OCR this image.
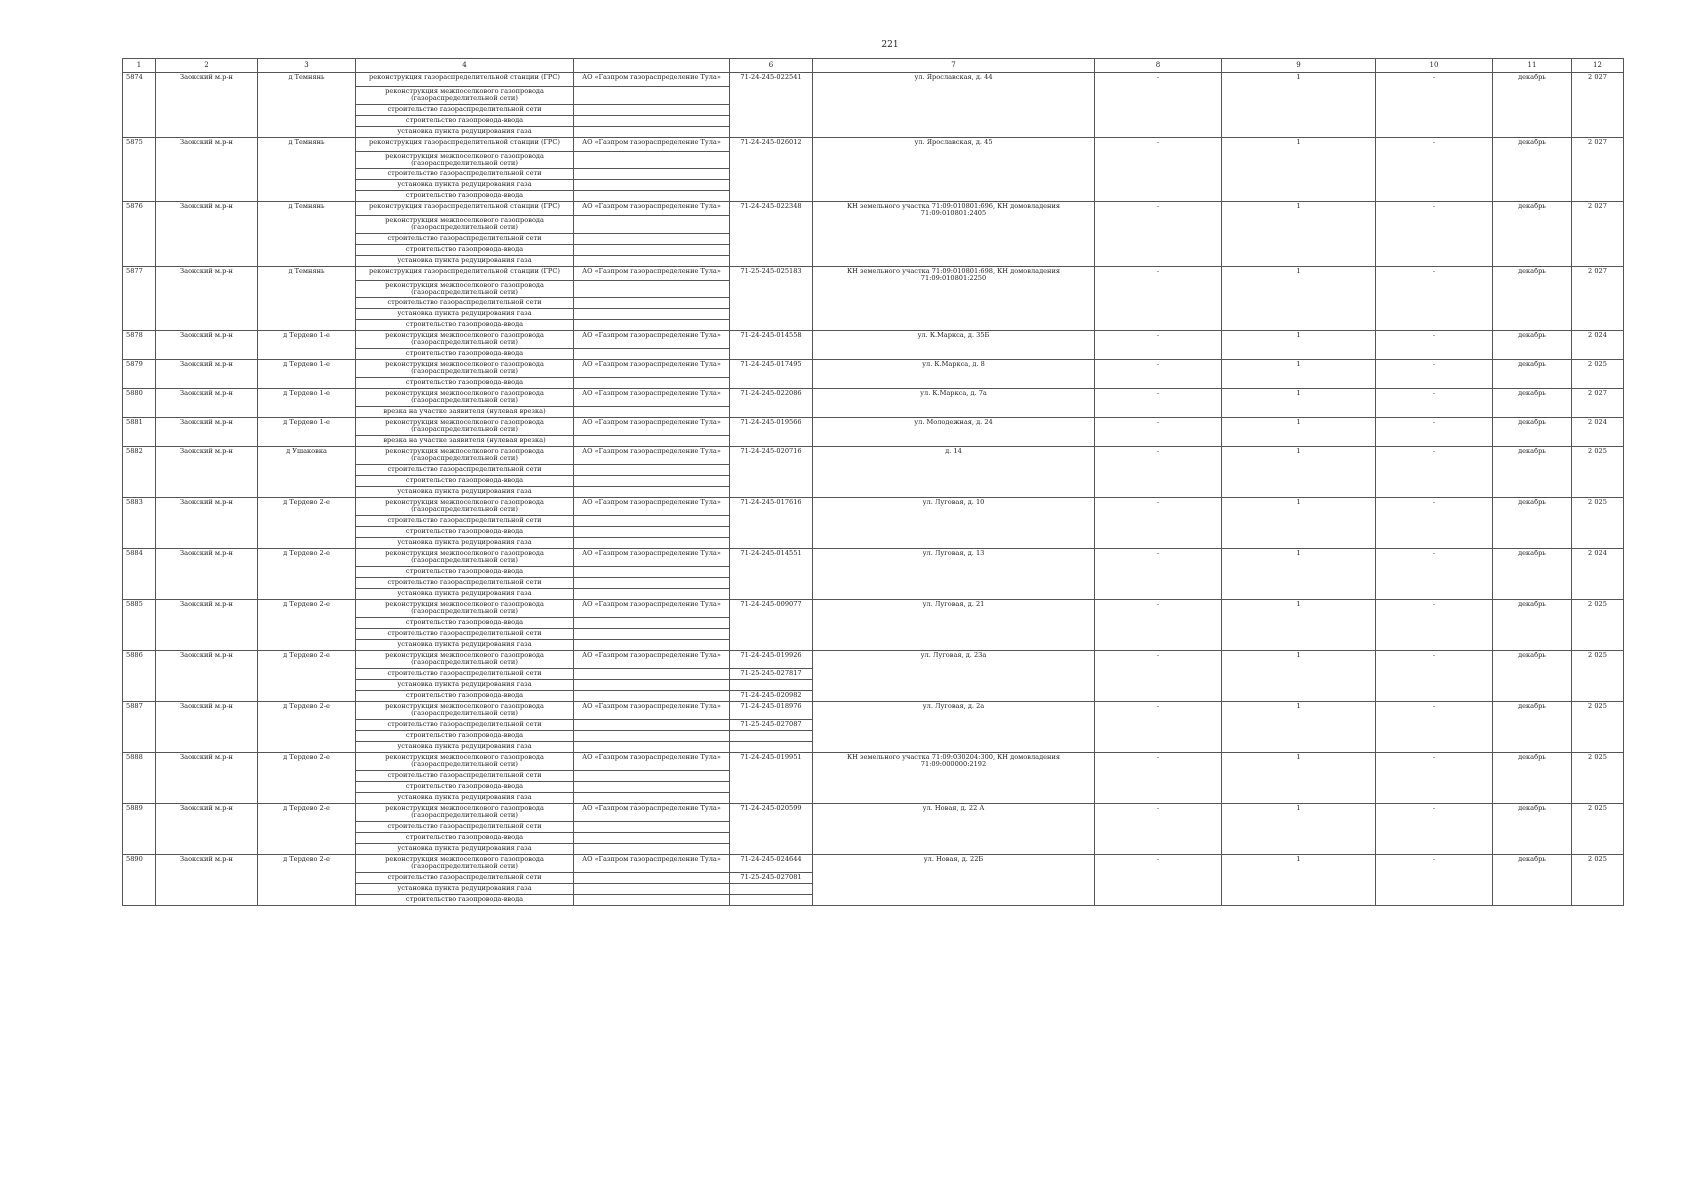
221
1	2	3	4		6	7	8	9	10	11	12
5874	Заокский м.р-н	д Темнянь	реконструкция газораспределительной станции (ГРС)	АО «Газпром газораспределение Тула»	71-24-245-022541	ул. Ярославская, д. 44	-	1	-	декабрь	2 027
			реконструкция межпоселкового газопровода (газораспределительной сети)								
			строительство газораспределительной сети								
			строительство газопровода-ввода								
			установка пункта редуцирования газа								
5875	Заокский м.р-н	д Темнянь	реконструкция газораспределительной станции (ГРС)	АО «Газпром газораспределение Тула»	71-24-245-026012	ул. Ярославская, д. 45	-	1	-	декабрь	2 027
			реконструкция межпоселкового газопровода (газораспределительной сети)								
			строительство газораспределительной сети								
			установка пункта редуцирования газа								
			строительство газопровода-ввода								
5876	Заокский м.р-н	д Темнянь	реконструкция газораспределительной станции (ГРС)	АО «Газпром газораспределение Тула»	71-24-245-022348	КН земельного участка 71:09:010801:696, КН домовладения 71:09:010801:2405	-	1	-	декабрь	2 027
			реконструкция межпоселкового газопровода (газораспределительной сети)								
			строительство газораспределительной сети								
			строительство газопровода-ввода								
			установка пункта редуцирования газа								
5877	Заокский м.р-н	д Темнянь	реконструкция газораспределительной станции (ГРС)	АО «Газпром газораспределение Тула»	71-25-245-025183	КН земельного участка 71:09:010801:698, КН домовладения 71:09:010801:2250	-	1	-	декабрь	2 027
			реконструкция межпоселкового газопровода (газораспределительной сети)								
			строительство газораспределительной сети								
			установка пункта редуцирования газа								
			строительство газопровода-ввода								
5878	Заокский м.р-н	д Тердево 1-е	реконструкция межпоселкового газопровода (газораспределительной сети)	АО «Газпром газораспределение Тула»	71-24-245-014558	ул. К.Маркса, д. 35Б	-	1	-	декабрь	2 024
			строительство газопровода-ввода								
5879	Заокский м.р-н	д Тердево 1-е	реконструкция межпоселкового газопровода (газораспределительной сети)	АО «Газпром газораспределение Тула»	71-24-245-017495	ул. К.Маркса, д. 8	-	1	-	декабрь	2 025
			строительство газопровода-ввода								
5880	Заокский м.р-н	д Тердево 1-е	реконструкция межпоселкового газопровода (газораспределительной сети)	АО «Газпром газораспределение Тула»	71-24-245-022086	ул. К.Маркса, д. 7а	-	1	-	декабрь	2 027
			врезка на участке заявителя (нулевая врезка)								
5881	Заокский м.р-н	д Тердево 1-е	реконструкция межпоселкового газопровода (газораспределительной сети)	АО «Газпром газораспределение Тула»	71-24-245-019566	ул. Молодежная, д. 24	-	1	-	декабрь	2 024
			врезка на участке заявителя (нулевая врезка)								
5882	Заокский м.р-н	д Ушаковка	реконструкция межпоселкового газопровода (газораспределительной сети)	АО «Газпром газораспределение Тула»	71-24-245-020716	д. 14	-	1	-	декабрь	2 025
			строительство газораспределительной сети								
			строительство газопровода-ввода								
			установка пункта редуцирования газа								
5883	Заокский м.р-н	д Тердево 2-е	реконструкция межпоселкового газопровода (газораспределительной сети)	АО «Газпром газораспределение Тула»	71-24-245-017616	ул. Луговая, д. 10	-	1	-	декабрь	2 025
			строительство газораспределительной сети								
			строительство газопровода-ввода								
			установка пункта редуцирования газа								
5884	Заокский м.р-н	д Тердево 2-е	реконструкция межпоселкового газопровода (газораспределительной сети)	АО «Газпром газораспределение Тула»	71-24-245-014551	ул. Луговая, д. 13	-	1	-	декабрь	2 024
			строительство газопровода-ввода								
			строительство газораспределительной сети								
			установка пункта редуцирования газа								
5885	Заокский м.р-н	д Тердево 2-е	реконструкция межпоселкового газопровода (газораспределительной сети)	АО «Газпром газораспределение Тула»	71-24-245-009077	ул. Луговая, д. 21	-	1	-	декабрь	2 025
			строительство газопровода-ввода								
			строительство газораспределительной сети								
			установка пункта редуцирования газа								
5886	Заокский м.р-н	д Тердево 2-е	реконструкция межпоселкового газопровода (газораспределительной сети)	АО «Газпром газораспределение Тула»	71-24-245-019926	ул. Луговая, д. 23а	-	1	-	декабрь	2 025
			строительство газораспределительной сети		71-25-245-027817						
			установка пункта редуцирования газа								
			строительство газопровода-ввода		71-24-245-020982						
5887	Заокский м.р-н	д Тердево 2-е	реконструкция межпоселкового газопровода (газораспределительной сети)	АО «Газпром газораспределение Тула»	71-24-245-018976	ул. Луговая, д. 2а	-	1	-	декабрь	2 025
			строительство газораспределительной сети		71-25-245-027087						
			строительство газопровода-ввода								
			установка пункта редуцирования газа								
5888	Заокский м.р-н	д Тердево 2-е	реконструкция межпоселкового газопровода (газораспределительной сети)	АО «Газпром газораспределение Тула»	71-24-245-019951	КН земельного участка 71:09:030204:300, КН домовладения 71:09:000000:2192	-	1	-	декабрь	2 025
			строительство газораспределительной сети								
			строительство газопровода-ввода								
			установка пункта редуцирования газа								
5889	Заокский м.р-н	д Тердево 2-е	реконструкция межпоселкового газопровода (газораспределительной сети)	АО «Газпром газораспределение Тула»	71-24-245-020599	ул. Новая, д. 22 А	-	1	-	декабрь	2 025
			строительство газораспределительной сети								
			строительство газопровода-ввода								
			установка пункта редуцирования газа								
5890	Заокский м.р-н	д Тердево 2-е	реконструкция межпоселкового газопровода (газораспределительной сети)	АО «Газпром газораспределение Тула»	71-24-245-024644	ул. Новая, д. 22Б	-	1	-	декабрь	2 025
			строительство газораспределительной сети		71-25-245-027081						
			установка пункта редуцирования газа								
			строительство газопровода-ввода								
